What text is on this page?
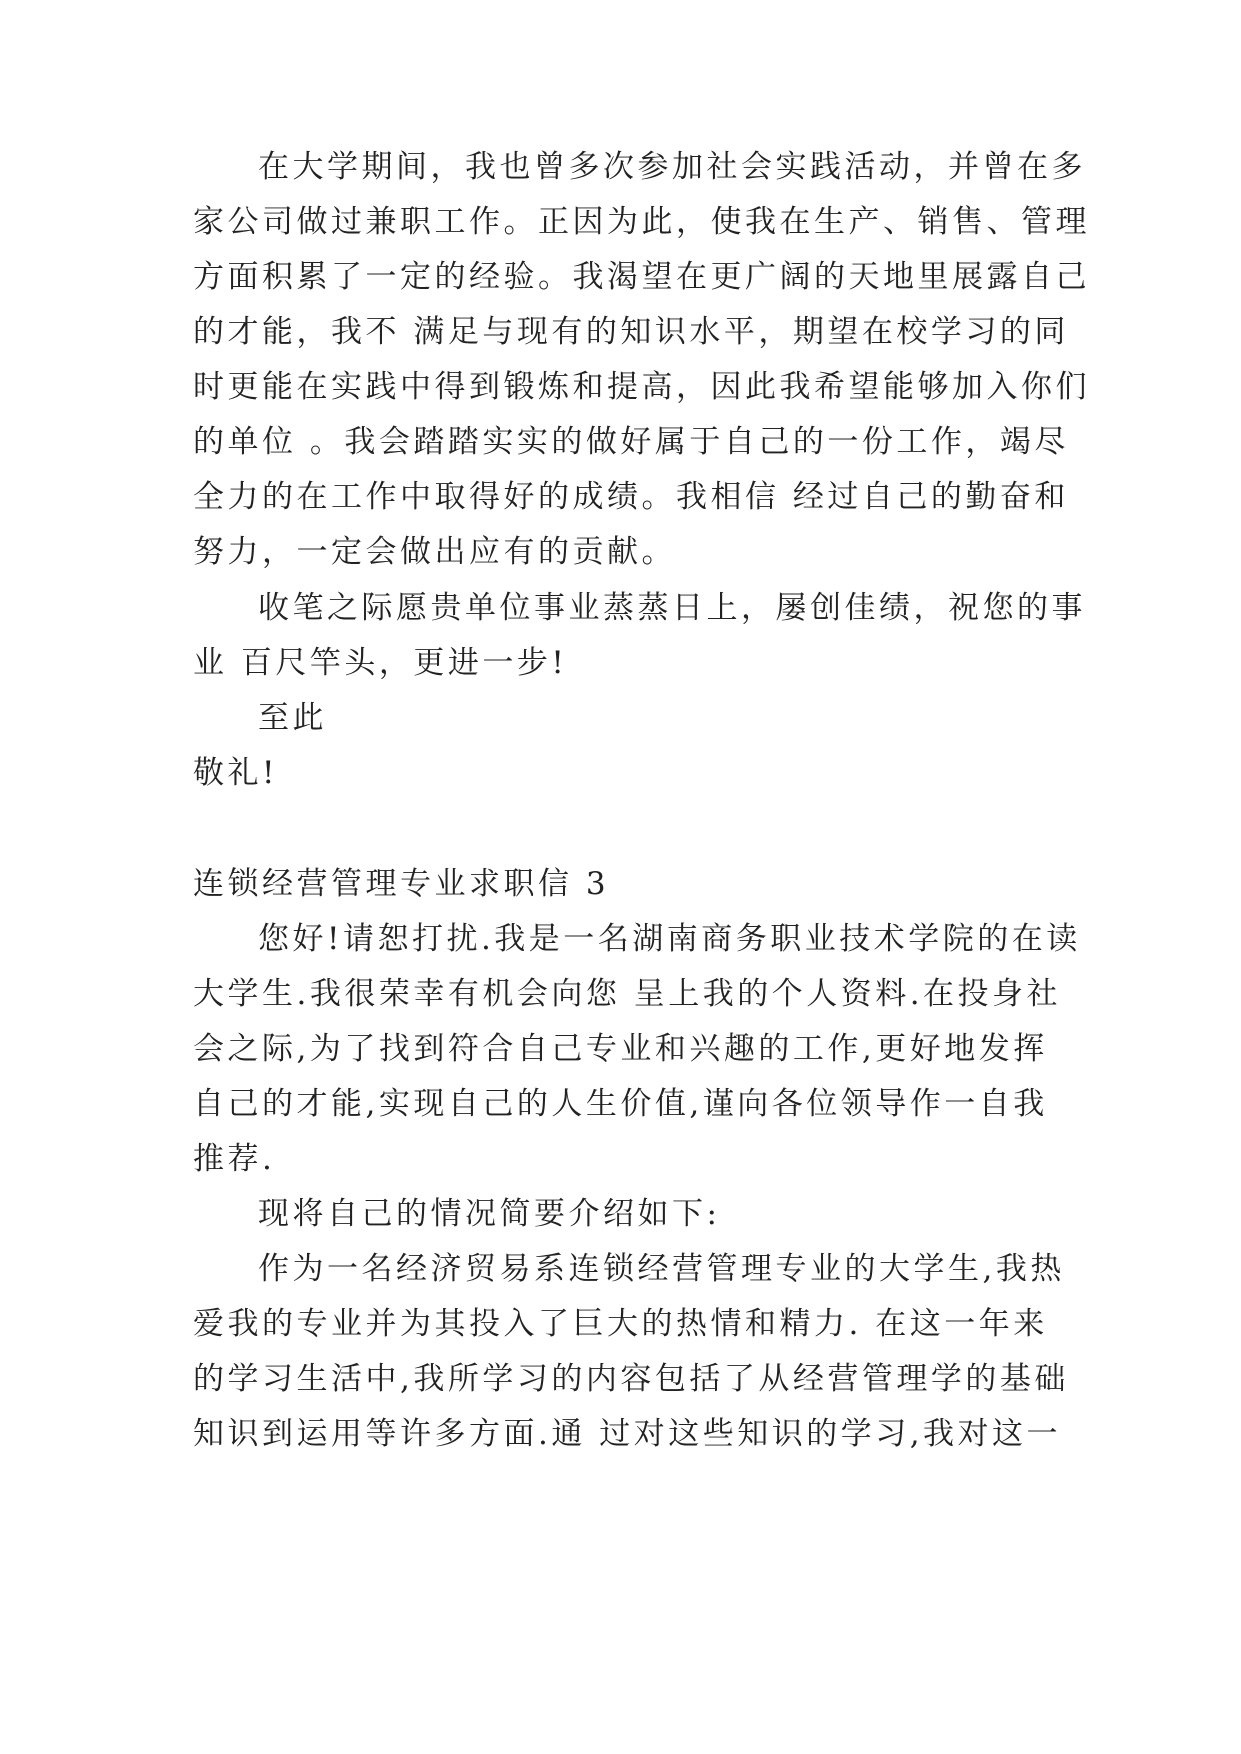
在大学期间，我也曾多次参加社会实践活动，并曾在多
家公司做过兼职工作。正因为此，使我在生产、销售、管理
方面积累了一定的经验。我渴望在更广阔的天地里展露自己
的才能，我不 满足与现有的知识水平，期望在校学习的同
时更能在实践中得到锻炼和提高，因此我希望能够加入你们
的单位 。我会踏踏实实的做好属于自己的一份工作，竭尽
全力的在工作中取得好的成绩。我相信 经过自己的勤奋和
努力，一定会做出应有的贡献。
收笔之际愿贵单位事业蒸蒸日上，屡创佳绩，祝您的事
业 百尺竿头，更进一步!
至此
敬礼!
连锁经营管理专业求职信 3
您好!请恕打扰.我是一名湖南商务职业技术学院的在读
大学生.我很荣幸有机会向您 呈上我的个人资料.在投身社
会之际,为了找到符合自己专业和兴趣的工作,更好地发挥
自己的才能,实现自己的人生价值,谨向各位领导作一自我
推荐.
现将自己的情况简要介绍如下:
作为一名经济贸易系连锁经营管理专业的大学生,我热
爱我的专业并为其投入了巨大的热情和精力. 在这一年来
的学习生活中,我所学习的内容包括了从经营管理学的基础
知识到运用等许多方面.通 过对这些知识的学习,我对这一
